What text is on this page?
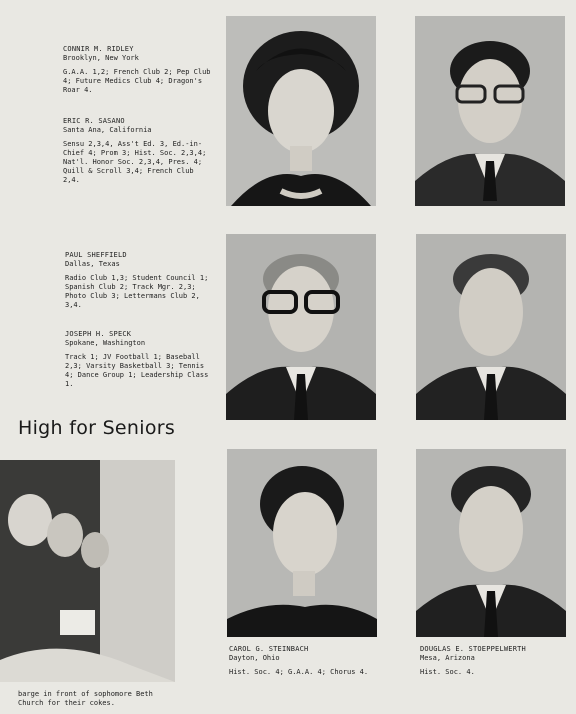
CONNIR M. RIDLEY
Brooklyn, New York
G.A.A. 1,2; French Club 2; Pep Club 4; Future Medics Club 4; Dragon's Roar 4.
ERIC R. SASANO
Santa Ana, California
Sensu 2,3,4, Ass't Ed. 3, Ed.-in-Chief 4; Prom 3; Hist. Soc. 2,3,4; Nat'l. Honor Soc. 2,3,4, Pres. 4; Quill & Scroll 3,4; French Club 2,4.
PAUL SHEFFIELD
Dallas, Texas
Radio Club 1,3; Student Council 1; Spanish Club 2; Track Mgr. 2,3; Photo Club 3; Lettermans Club 2, 3,4.
JOSEPH H. SPECK
Spokane, Washington
Track 1; JV Football 1; Baseball 2,3; Varsity Basketball 3; Tennis 4; Dance Group 1; Leadership Class 1.
CAROL G. STEINBACH
Dayton, Ohio
Hist. Soc. 4; G.A.A. 4; Chorus 4.
DOUGLAS E. STOEPPELWERTH
Mesa, Arizona
Hist. Soc. 4.
High for Seniors
barge in front of sophomore Beth Church for their cokes.
